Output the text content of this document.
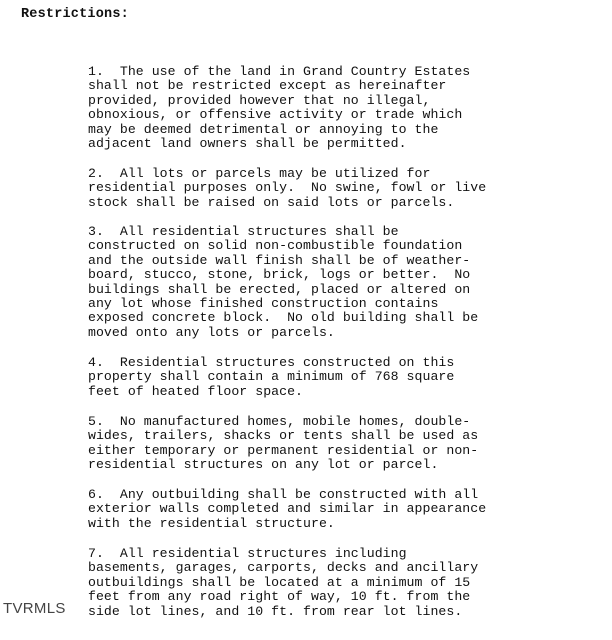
Restrictions:
1.  The use of the land in Grand Country Estates
shall not be restricted except as hereinafter
provided, provided however that no illegal,
obnoxious, or offensive activity or trade which
may be deemed detrimental or annoying to the
adjacent land owners shall be permitted.
2.  All lots or parcels may be utilized for
residential purposes only.  No swine, fowl or live
stock shall be raised on said lots or parcels.
3.  All residential structures shall be
constructed on solid non-combustible foundation
and the outside wall finish shall be of weather-
board, stucco, stone, brick, logs or better.  No
buildings shall be erected, placed or altered on
any lot whose finished construction contains
exposed concrete block.  No old building shall be
moved onto any lots or parcels.
4.  Residential structures constructed on this
property shall contain a minimum of 768 square
feet of heated floor space.
5.  No manufactured homes, mobile homes, double-
wides, trailers, shacks or tents shall be used as
either temporary or permanent residential or non-
residential structures on any lot or parcel.
6.  Any outbuilding shall be constructed with all
exterior walls completed and similar in appearance
with the residential structure.
7.  All residential structures including
basements, garages, carports, decks and ancillary
outbuildings shall be located at a minimum of 15
feet from any road right of way, 10 ft. from the
side lot lines, and 10 ft. from rear lot lines.
TVRMLS
